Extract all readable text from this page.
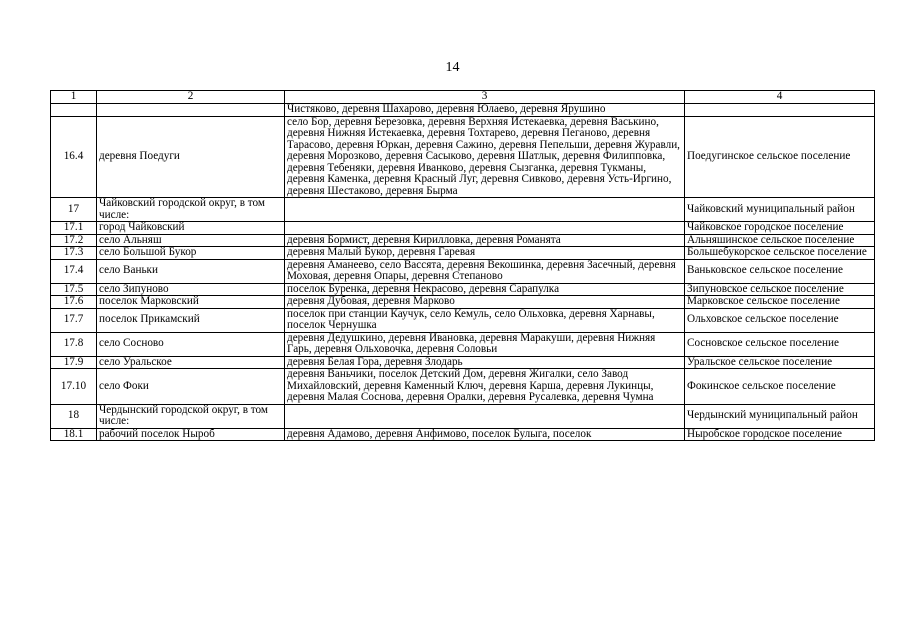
14
1	2	3	4
		Чистяково, деревня Шахарово, деревня Юлаево, деревня Ярушино	
16.4	деревня Поедуги	село Бор, деревня Березовка, деревня Верхняя Истекаевка, деревня Васькино, деревня Нижняя Истекаевка, деревня Тохтарево, деревня Пеганово, деревня Тарасово, деревня Юркан, деревня Сажино, деревня Пепельши, деревня Журавли, деревня Морозково, деревня Сасыково, деревня Шатлык, деревня Филипповка, деревня Тебеняки, деревня Иванково, деревня Сызганка, деревня Тукманы, деревня Каменка, деревня Красный Луг, деревня Сивково, деревня Усть-Иргино, деревня Шестаково, деревня Бырма	Поедугинское сельское поселение
17	Чайковский городской округ, в том числе:		Чайковский муниципальный район
17.1	город Чайковский		Чайковское городское поселение
17.2	село Альняш	деревня Бормист, деревня Кирилловка, деревня Романята	Альняшинское сельское поселение
17.3	село Большой Букор	деревня Малый Букор, деревня Гаревая	Большебукорское сельское поселение
17.4	село Ваньки	деревня Аманеево, село Вассята, деревня Векошинка, деревня Засечный, деревня Моховая, деревня Опары, деревня Степаново	Ваньковское сельское поселение
17.5	село Зипуново	поселок Буренка, деревня Некрасово, деревня Сарапулка	Зипуновское сельское поселение
17.6	поселок Марковский	деревня Дубовая, деревня Марково	Марковское сельское поселение
17.7	поселок Прикамский	поселок при станции Каучук, село Кемуль, село Ольховка, деревня Харнавы, поселок Чернушка	Ольховское сельское поселение
17.8	село Сосново	деревня Дедушкино, деревня Ивановка, деревня Маракуши, деревня Нижняя Гарь, деревня Ольховочка, деревня Соловьи	Сосновское сельское поселение
17.9	село Уральское	деревня Белая Гора, деревня Злодарь	Уральское сельское поселение
17.10	село Фоки	деревня Ваньчики, поселок Детский Дом, деревня Жигалки, село Завод Михайловский, деревня Каменный Ключ, деревня Карша, деревня Лукинцы, деревня Малая Соснова, деревня Оралки, деревня Русалевка, деревня Чумна	Фокинское сельское поселение
18	Чердынский городской округ, в том числе:		Чердынский муниципальный район
18.1	рабочий поселок Ныроб	деревня Адамово, деревня Анфимово, поселок Булыга, поселок	Ныробское городское поселение
